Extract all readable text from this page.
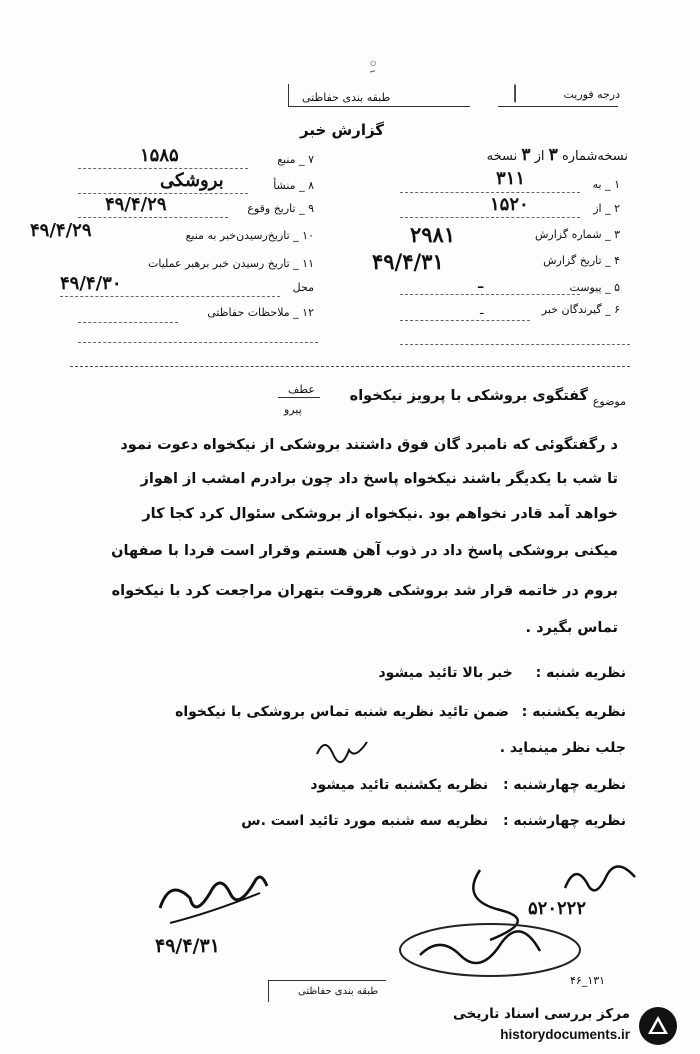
ِ◦
درجه فوریت
|
طبقه بندی حفاظتی
گزارش خبر
نسخه‌شماره ۳ از ۳ نسخه
۷ _ منبع
۱۵۸۵
۸ _ منشأ
بروشکی
۹ _ تاریخ وقوع
۴۹/۴/۲۹
۱۰ _ تاریخ‌رسیدن‌خبر به منبع
۴۹/۴/۲۹
۱۱ _ تاریخ رسیدن خبر برهبر عملیات
محل
۴۹/۴/۳۰
۱۲ _ ملاحظات حفاظتی
۱ _ به
۳۱۱
۲ _ از
۱۵۲۰
۳ _ شماره گزارش
۲۹۸۱
۴ _ تاریخ گزارش
۴۹/۴/۳۱
۵ _ پیوست
ـ
۶ _ گیرندگان خبر
ـ
موضوع
گفتگوی بروشکی با پرویز نیکخواه
عطف
پیرو
د رگفتگوئی که نامبرد گان فوق داشتند بروشکی از نیکخواه دعوت نمود
تا شب با یکدیگر باشند نیکخواه پاسخ داد چون برادرم امشب از اهواز
خواهد آمد قادر نخواهم بود .نیکخواه از بروشکی سئوال کرد کجا کار
میکنی بروشکی پاسخ داد در ذوب آهن هستم وقرار است فردا با صفهان
بروم در خاتمه قرار شد بروشکی هروقت بتهران مراجعت کرد با نیکخواه
تماس بگیرد .
نظریه شنبه : خبر بالا تائید میشود
نظریه یکشنبه : ضمن تائید نظریه شنبه تماس بروشکی با نیکخواه
جلب نظر مینماید .
نظریه چهارشنبه : نظریه یکشنبه تائید میشود
نظریه چهارشنبه : نظریه سه شنبه مورد تائید است .س
۴۹/۴/۳۱
۵۲۰۲۲۲
۴۶_۱۳۱
طبقه بندی حفاظتی
مرکز بررسی اسناد تاریخی
historydocuments.ir
